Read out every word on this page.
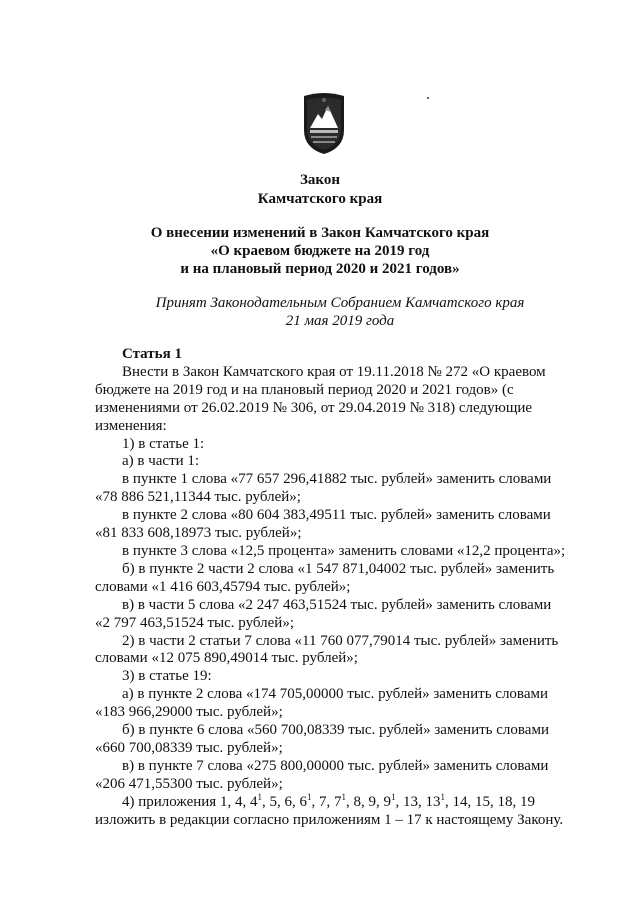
Закон
Камчатского края
О внесении изменений в Закон Камчатского края
«О краевом бюджете на 2019 год
и на плановый период 2020 и 2021 годов»
Принят Законодательным Собранием Камчатского края
21 мая 2019 года

Статья 1

Внести в Закон Камчатского края от 19.11.2018 № 272 «О краевом

бюджете на 2019 год и на плановый период 2020 и 2021 годов» (с

изменениями от 26.02.2019 № 306, от 29.04.2019 № 318) следующие

изменения:

1) в статье 1:

а) в части 1:

в пункте 1 слова «77 657 296,41882 тыс. рублей» заменить словами

«78 886 521,11344 тыс. рублей»;

в пункте 2 слова «80 604 383,49511 тыс. рублей» заменить словами

«81 833 608,18973 тыс. рублей»;

в пункте 3 слова «12,5 процента» заменить словами «12,2 процента»;

б) в пункте 2 части 2 слова «1 547 871,04002 тыс. рублей» заменить

словами «1 416 603,45794 тыс. рублей»;

в) в части 5 слова «2 247 463,51524 тыс. рублей» заменить словами

«2 797 463,51524 тыс. рублей»;

2) в части 2 статьи 7 слова «11 760 077,79014 тыс. рублей» заменить

словами «12 075 890,49014 тыс. рублей»;

3) в статье 19:

а) в пункте 2 слова «174 705,00000 тыс. рублей» заменить словами

«183 966,29000 тыс. рублей»;

б) в пункте 6 слова «560 700,08339 тыс. рублей» заменить словами

«660 700,08339 тыс. рублей»;

в) в пункте 7 слова «275 800,00000 тыс. рублей» заменить словами

«206 471,55300 тыс. рублей»;

4) приложения 1, 4, $4^1$, 5, 6, $6^1$, 7, $7^1$, 8, 9, $9^1$, 13, $13^1$, 14, 15, 18, 19

изложить в редакции согласно приложениям 1 – 17 к настоящему Закону.
